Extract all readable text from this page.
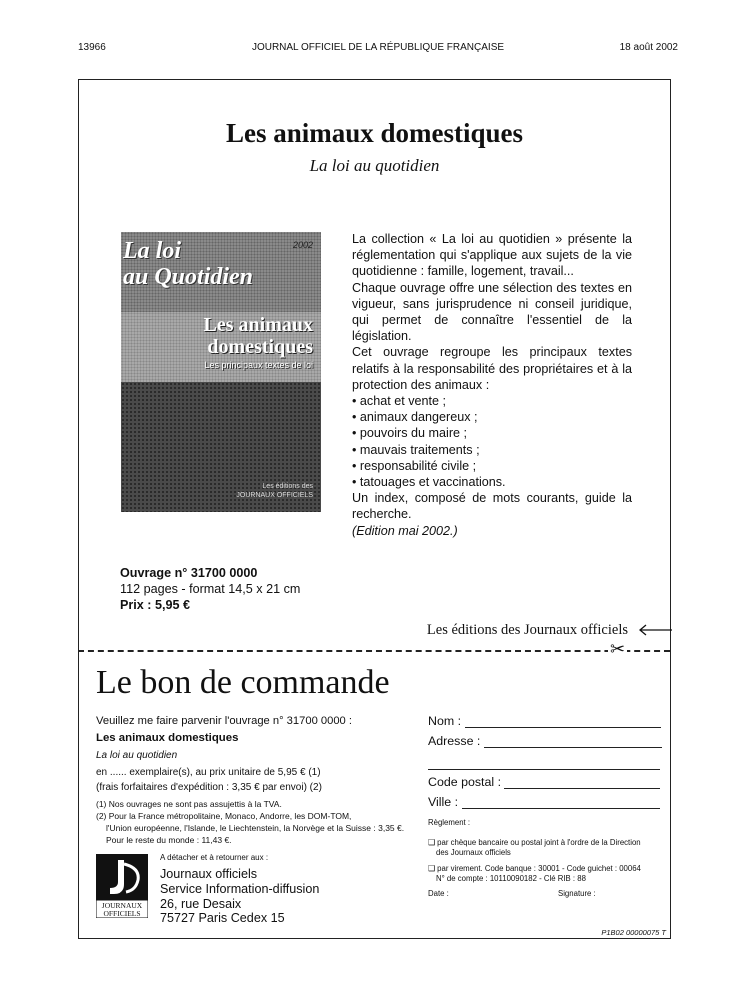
13966	JOURNAL OFFICIEL DE LA RÉPUBLIQUE FRANÇAISE	18 août 2002
Les animaux domestiques
La loi au quotidien
La loi
au Quotidien
2002
Les animaux
domestiques
Les principaux textes de loi
Les éditions des
JOURNAUX OFFICIELS

La collection « La loi au quotidien » présente la réglementation qui s'applique aux sujets de la vie quotidienne : famille, logement, travail...

Chaque ouvrage offre une sélection des textes en vigueur, sans jurisprudence ni conseil juridique, qui permet de connaître l'essentiel de la législation.

Cet ouvrage regroupe les principaux textes relatifs à la responsabilité des propriétaires et à la protection des animaux :

• achat et vente ;
• animaux dangereux ;
• pouvoirs du maire ;
• mauvais traitements ;
• responsabilité civile ;
• tatouages et vaccinations.

Un index, composé de mots courants, guide la recherche.

(Edition mai 2002.)

Ouvrage n° 31700 0000
112 pages - format 14,5 x 21 cm
Prix : 5,95 €
Les éditions des Journaux officiels
✂
Le bon de commande

Veuillez me faire parvenir l'ouvrage n° 31700 0000 :

Les animaux domestiques

La loi au quotidien

en ...... exemplaire(s), au prix unitaire de 5,95 € (1)

(frais forfaitaires d'expédition : 3,35 € par envoi) (2)

(1) Nos ouvrages ne sont pas assujettis à la TVA.

(2) Pour la France métropolitaine, Monaco, Andorre, les DOM-TOM,

l'Union européenne, l'Islande, le Liechtenstein, la Norvège et la Suisse : 3,35 €.

Pour le reste du monde : 11,43 €.

A détacher et à retourner aux :
JOURNAUX
OFFICIELS
Journaux officiels
Service Information-diffusion
26, rue Desaix
75727 Paris Cedex 15
Nom :
Adresse :
Code postal :
Ville :
Règlement :
❑ par chèque bancaire ou postal joint à l'ordre de la Direction
des Journaux officiels
❑ par virement. Code banque : 30001 - Code guichet : 00064
N° de compte : 10110090182 - Clé RIB : 88
Date :	Signature :
P1B02 00000075 T
